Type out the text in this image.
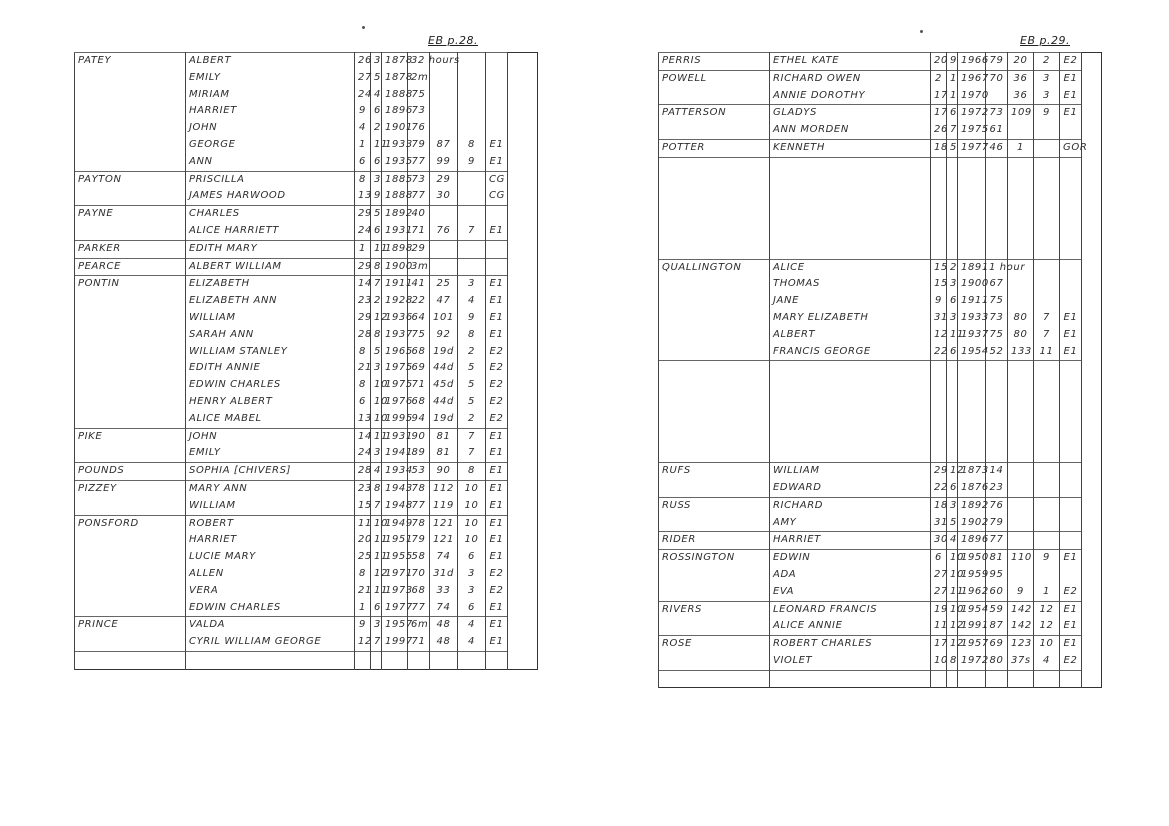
EB p.28.
PATEY	ALBERT	26	3	1878	32 hours			
	EMILY	27	5	1878	2m			
	MIRIAM	24	4	1888	75			
	HARRIET	9	6	1896	73			
	JOHN	4	2	1901	76			
	GEORGE	1	11	1933	79	87	8	E1
	ANN	6	6	1935	77	99	9	E1
PAYTON	PRISCILLA	8	3	1885	73	29		CG
	JAMES HARWOOD	13	9	1888	77	30		CG
PAYNE	CHARLES	29	5	1892	40			
	ALICE HARRIETT	24	6	1931	71	76	7	E1
PARKER	EDITH MARY	1	11	1898	29			
PEARCE	ALBERT WILLIAM	29	8	1900	3m			
PONTIN	ELIZABETH	14	7	1911	41	25	3	E1
	ELIZABETH ANN	23	2	1928	22	47	4	E1
	WILLIAM	29	12	1936	64	101	9	E1
	SARAH ANN	28	8	1937	75	92	8	E1
	WILLIAM STANLEY	8	5	1965	68	19d	2	E2
	EDITH ANNIE	21	3	1975	69	44d	5	E2
	EDWIN CHARLES	8	10	1975	71	45d	5	E2
	HENRY ALBERT	6	10	1976	68	44d	5	E2
	ALICE MABEL	13	10	1995	94	19d	2	E2
PIKE	JOHN	14	11	1931	90	81	7	E1
	EMILY	24	3	1941	89	81	7	E1
POUNDS	SOPHIA [CHIVERS]	28	4	1934	53	90	8	E1
PIZZEY	MARY ANN	23	8	1943	78	112	10	E1
	WILLIAM	15	7	1948	77	119	10	E1
PONSFORD	ROBERT	11	10	1949	78	121	10	E1
	HARRIET	20	11	1951	79	121	10	E1
	LUCIE MARY	25	11	1955	58	74	6	E1
	ALLEN	8	12	1971	70	31d	3	E2
	VERA	21	11	1973	68	33	3	E2
	EDWIN CHARLES	1	6	1977	77	74	6	E1
PRINCE	VALDA	9	3	1957	6m	48	4	E1
	CYRIL WILLIAM GEORGE	12	7	1997	71	48	4	E1

EB p.29.
PERRIS	ETHEL KATE	20	9	1966	79	20	2	E2
POWELL	RICHARD OWEN	2	1	1967	70	36	3	E1
	ANNIE DOROTHY	17	1	1970		36	3	E1
PATTERSON	GLADYS	17	6	1972	73	109	9	E1
	ANN MORDEN	26	7	1975	61			
POTTER	KENNETH	18	5	1977	46	1		GOR

QUALLINGTON	ALICE	15	2	1891	1 hour			
	THOMAS	15	3	1900	67			
	JANE	9	6	1911	75			
	MARY ELIZABETH	31	3	1933	73	80	7	E1
	ALBERT	12	11	1937	75	80	7	E1
	FRANCIS GEORGE	22	6	1954	52	133	11	E1

RUFS	WILLIAM	29	12	1873	14			
	EDWARD	22	6	1876	23			
RUSS	RICHARD	18	3	1892	76			
	AMY	31	5	1902	79			
RIDER	HARRIET	30	4	1896	77			
ROSSINGTON	EDWIN	6	10	1950	81	110	9	E1
	ADA	27	10	1959	95			
	EVA	27	11	1962	60	9	1	E2
RIVERS	LEONARD FRANCIS	19	10	1954	59	142	12	E1
	ALICE ANNIE	11	12	1991	87	142	12	E1
ROSE	ROBERT CHARLES	17	12	1957	69	123	10	E1
	VIOLET	10	8	1972	80	37s	4	E2
